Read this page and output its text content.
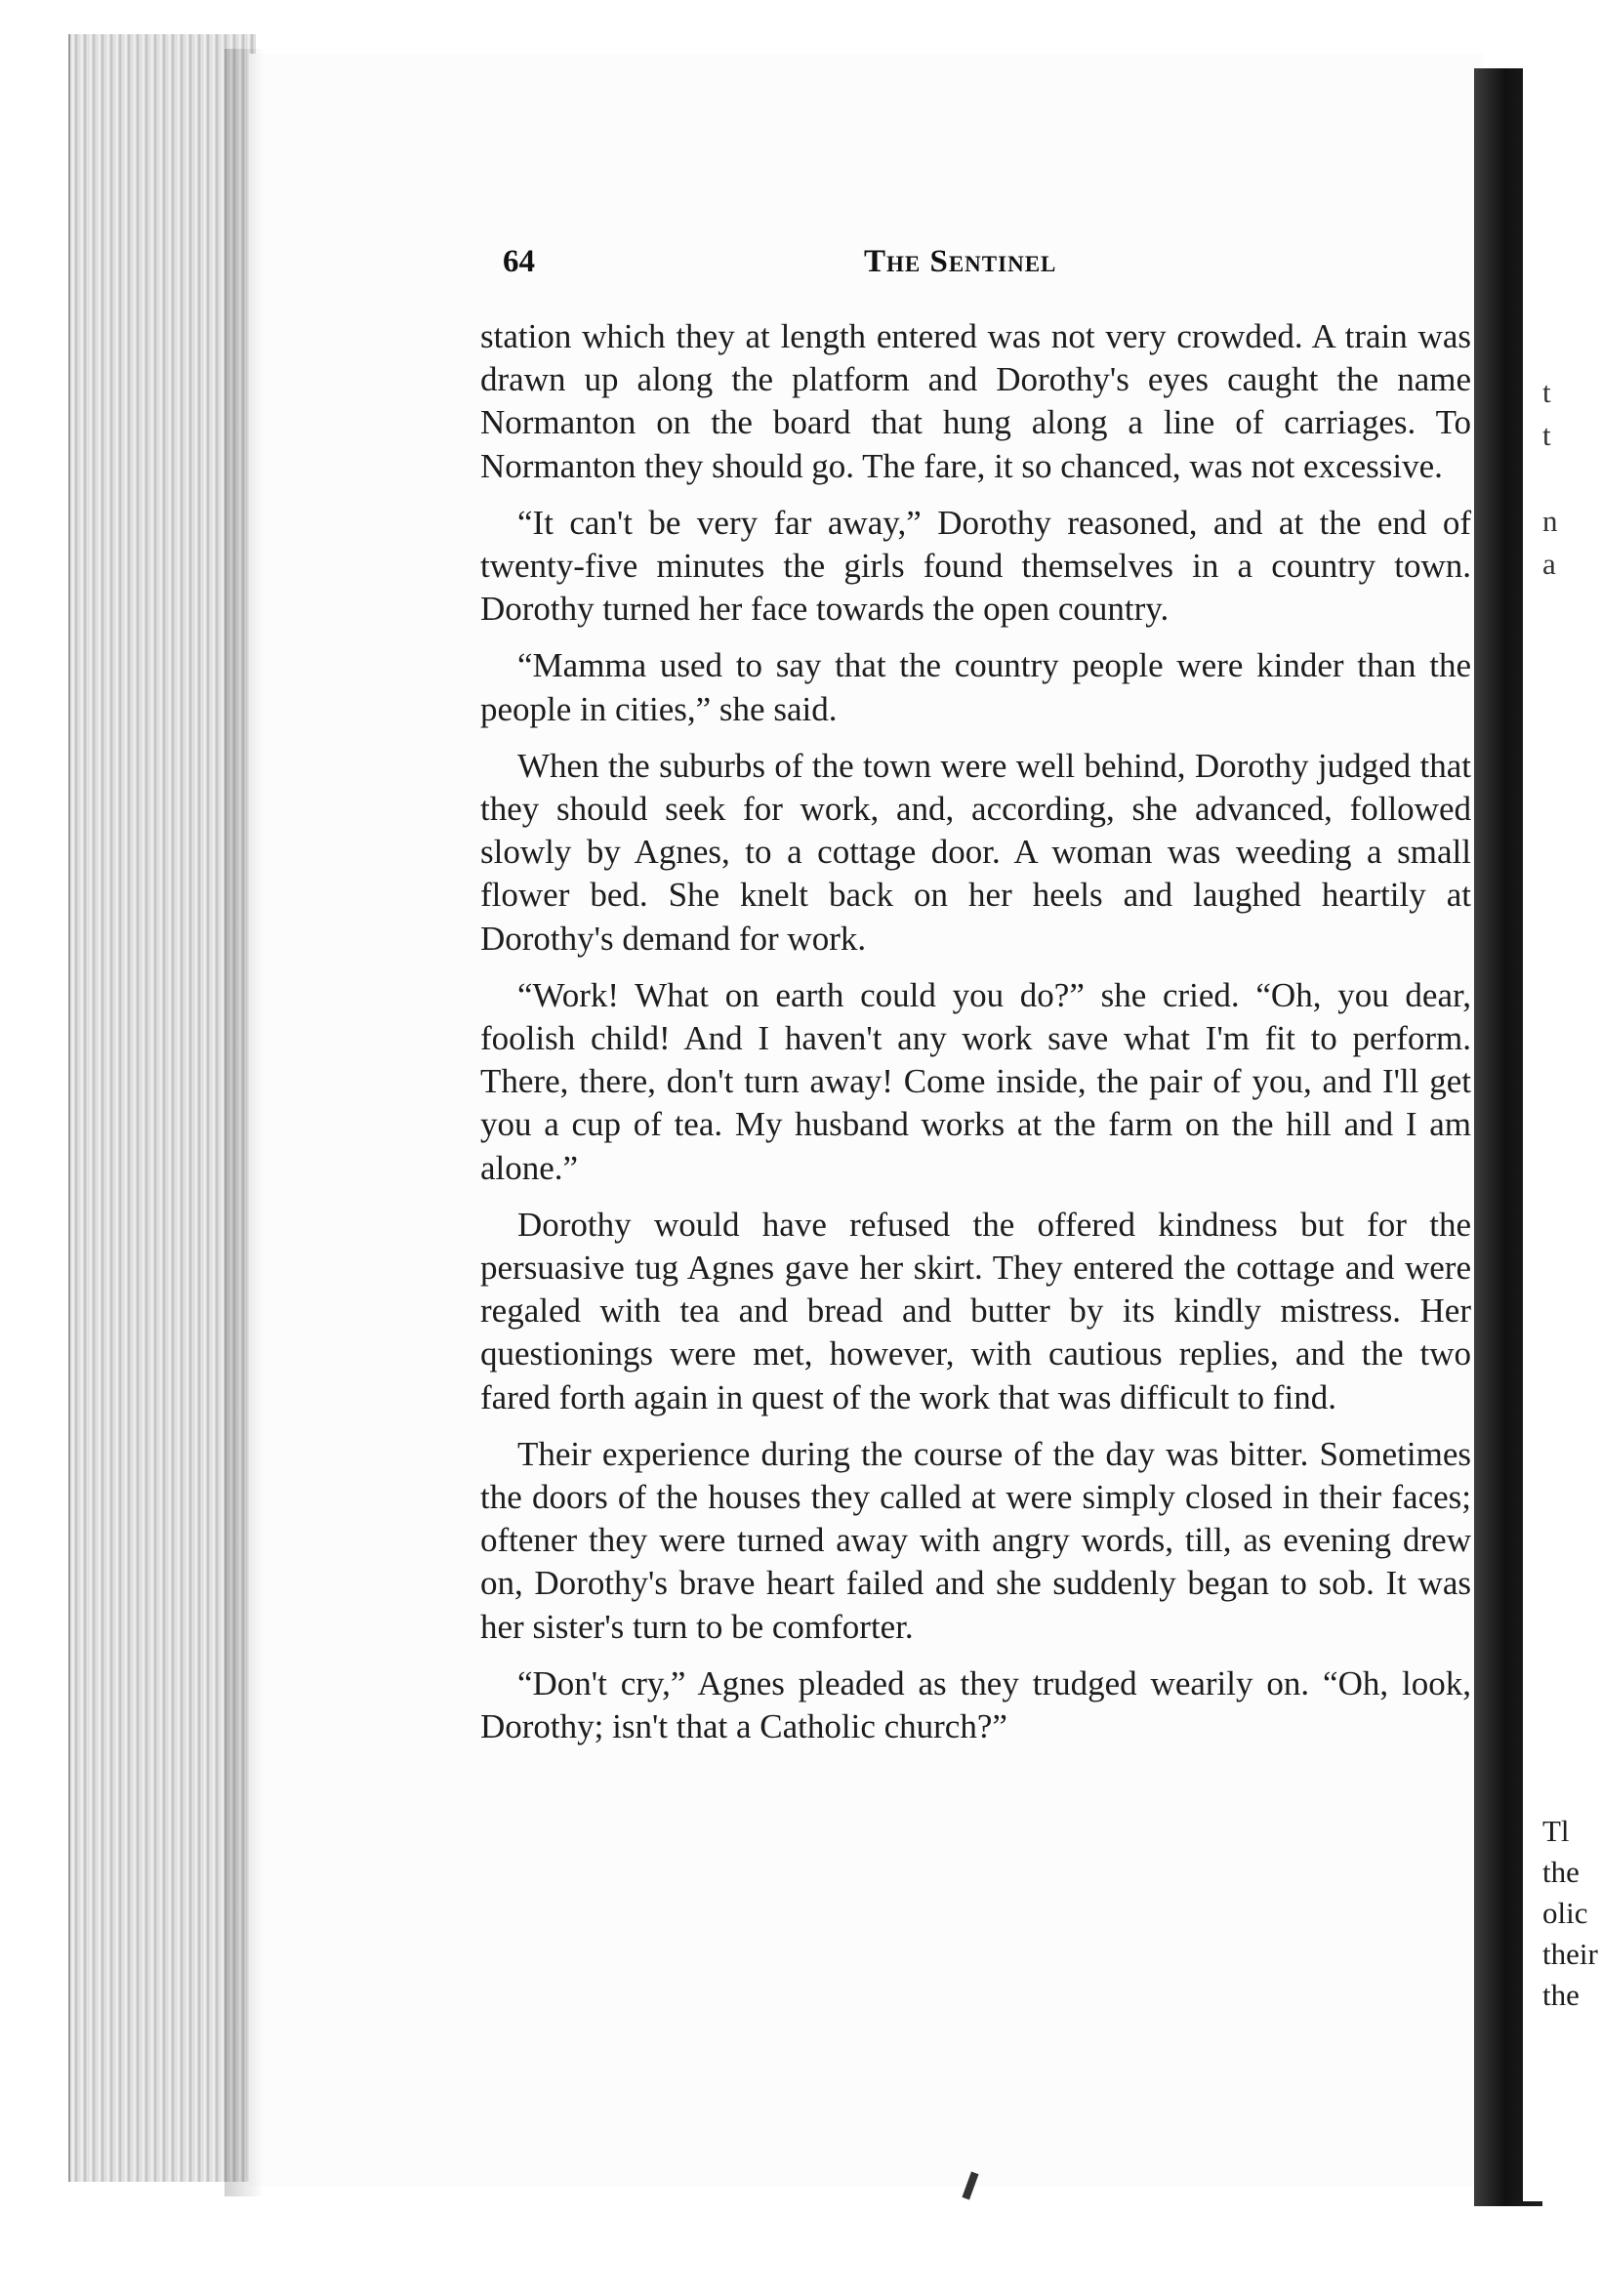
64	The Sentinel

station which they at length entered was not very crowded. A train was drawn up along the platform and Dorothy's eyes caught the name Normanton on the board that hung along a line of carriages. To Normanton they should go. The fare, it so chanced, was not excessive.

“It can't be very far away,” Dorothy reasoned, and at the end of twenty-five minutes the girls found themselves in a country town. Dorothy turned her face towards the open country.

“Mamma used to say that the country people were kinder than the people in cities,” she said.

When the suburbs of the town were well behind, Dorothy judged that they should seek for work, and, according, she advanced, followed slowly by Agnes, to a cottage door. A woman was weeding a small flower bed. She knelt back on her heels and laughed heartily at Dorothy's demand for work.

“Work! What on earth could you do?” she cried. “Oh, you dear, foolish child! And I haven't any work save what I'm fit to perform. There, there, don't turn away! Come inside, the pair of you, and I'll get you a cup of tea. My husband works at the farm on the hill and I am alone.”

Dorothy would have refused the offered kindness but for the persuasive tug Agnes gave her skirt. They entered the cottage and were regaled with tea and bread and butter by its kindly mistress. Her questionings were met, however, with cautious replies, and the two fared forth again in quest of the work that was difficult to find.

Their experience during the course of the day was bitter. Sometimes the doors of the houses they called at were simply closed in their faces; oftener they were turned away with angry words, till, as evening drew on, Dorothy's brave heart failed and she suddenly began to sob. It was her sister's turn to be comforter.

“Don't cry,” Agnes pleaded as they trudged wearily on. “Oh, look, Dorothy; isn't that a Catholic church?”

t
t
n
a
Tl
the
olic
their
the
